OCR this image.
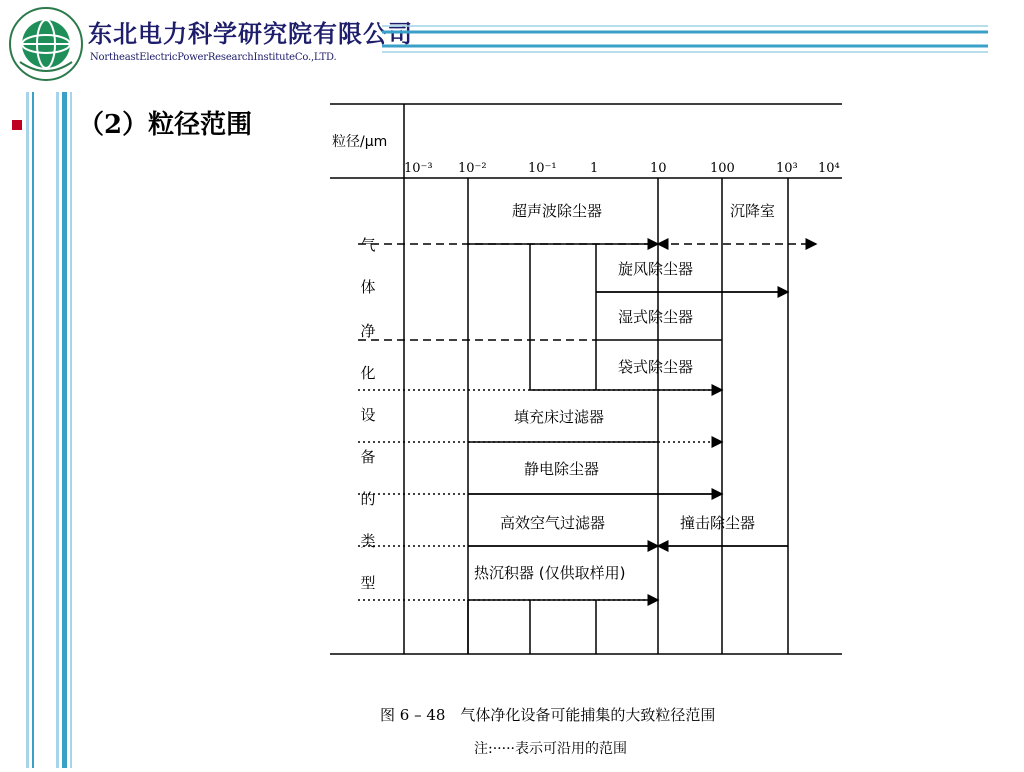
东北电力科学研究院有限公司
NortheastElectricPowerResearchInstituteCo.,LTD.
（2）粒径范围
粒径/μm
10⁻³ 10⁻²	10⁻¹	1	10	100	10³ 10⁴
气
体
净
化
设
备
的
类
型
超声波除尘器	沉降室
旋风除尘器
湿式除尘器
袋式除尘器
填充床过滤器
静电除尘器
高效空气过滤器	撞击除尘器
热沉积器 (仅供取样用)
图 6 – 48　气体净化设备可能捕集的大致粒径范围
注:·····表示可沿用的范围
